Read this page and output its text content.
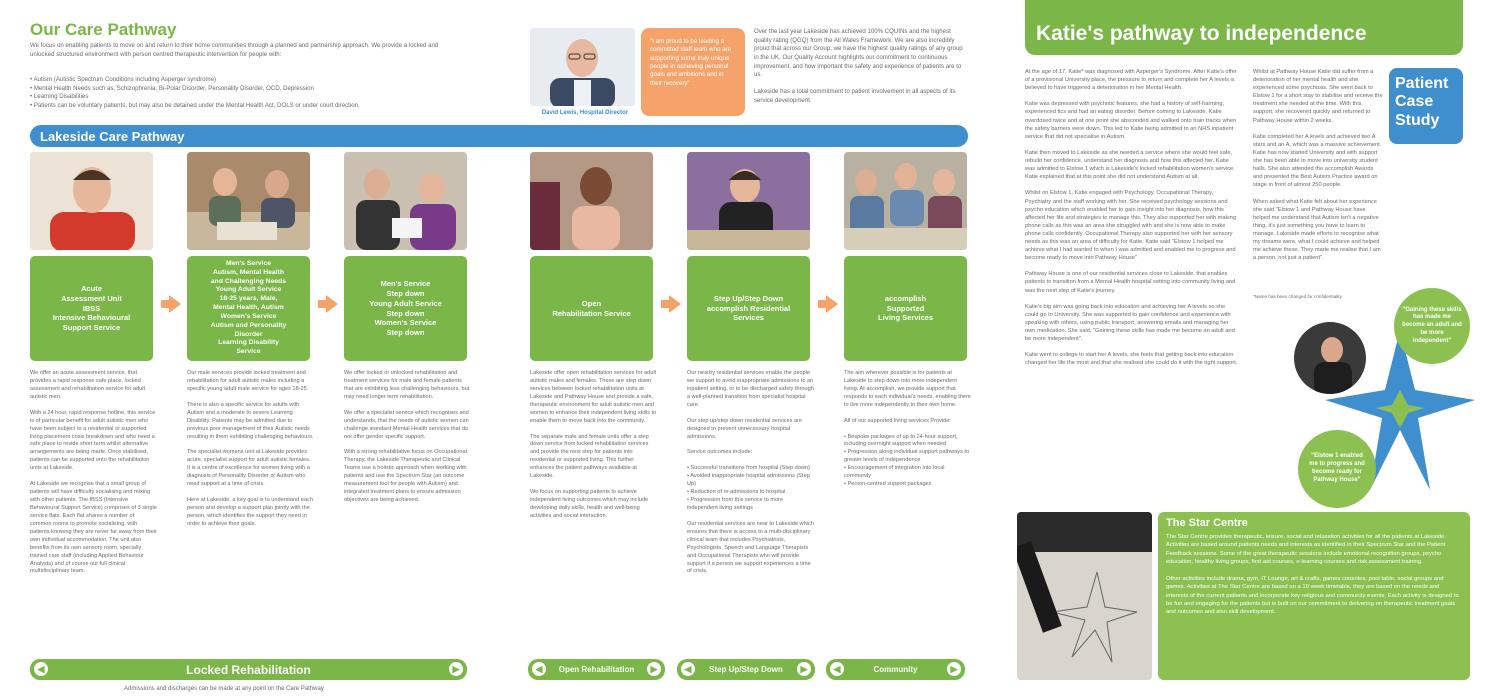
Our Care Pathway
We focus on enabling patients to move on and return to their home communities through a planned and partnership approach. We provide a locked and unlocked structured environment with person centred therapeutic intervention for people with:
• Autism (Autistic Spectrum Conditions including Asperger syndrome)
• Mental Health Needs such as, Schizophrenia, Bi-Polar Disorder, Personality Disorder, OCD, Depression
• Learning Disabilities
• Patients can be voluntary patients, but may also be detained under the Mental Health Act, DOLS or under court direction.
David Lewis, Hospital Director
"I am proud to be leading a committed staff team who are supporting some truly unique people in achieving personal goals and ambitions and in their recovery"
Over the last year Lakeside has achieved 100% CQUINs and the highest quality rating (QGQ) from the All Wales Framework. We are also incredibly proud that across our Group, we have the highest quality ratings of any group in the UK. Our Quality Account highlights our commitment to continuous improvement, and how important the safety and experience of patients are to us.

Lakeside has a total commitment to patient involvement in all aspects of its service development.
Lakeside Care Pathway
Acute
Assessment Unit
IBSS
Intensive Behavioural
Support Service
Men's Service
Autism, Mental Health
and Challenging Needs
Young Adult Service
18-25 years, Male,
Mental Health, Autism
Women's Service
Autism and Personality
Disorder
Learning Disability
Service
Men's Service
Step down
Young Adult Service
Step down
Women's Service
Step down
Open
Rehabilitation Service
Step Up/Step Down
accomplish Residential
Services
accomplish
Supported
Living Services
We offer an acute assessment service, that provides a rapid response safe place, locked assessment and rehabilitation service for adult autistic men.

With a 24 hour, rapid response hotline, this service is of particular benefit for adult autistic men who have been subject to a residential or supported living placement crisis breakdown and who need a safe place to reside short term whilst alternative arrangements are being made. Once stabilised, patients can be supported onto the rehabilitation units at Lakeside.

At Lakeside we recognise that a small group of patients will have difficulty socialising and mixing with other patients. The IBSS (Intensive Behavioural Support Service) comprises of 3 single service flats. Each flat shares a number of common rooms to promote socialising, with patients knowing they are never far away from their own individual accommodation. The unit also benefits from its own sensory room, specially trained care staff (including Applied Behaviour Analysts) and of course our full clinical multidisciplinary team.
Our male services provide locked treatment and rehabilitation for adult autistic males including a specific young adult male service for ages 18-25.

There is also a specific service for adults with Autism and a moderate to severe Learning Disability. Patients may be admitted due to previous poor management of their Autistic needs resulting in them exhibiting challenging behaviours.

The specialist womens unit at Lakeside provides acute, specialist support for adult autistic females. It is a centre of excellence for women living with a diagnosis of Personality Disorder or Autism who need support at a time of crisis.

Here at Lakeside, a key goal is to understand each person and develop a support plan jointly with the person, which identifies the support they need in order to achieve their goals.
We offer locked or unlocked rehabilitation and treatment services for male and female patients that are exhibiting less challenging behaviours, but may need longer term rehabilitation.

We offer a specialist service which recognises and understands, that the needs of autistic women can challenge standard Mental Health services that do not offer gender specific support.

With a strong rehabilitative focus on Occupational Therapy, the Lakeside Therapeutic and Clinical Teams use a holistic approach when working with patients and use the Spectrum Star (an outcome measurement tool for people with Autism) and integrated treatment plans to ensure admission objectives are being achieved.
Lakeside offer open rehabilitation services for adult autistic males and females. These are step down services between locked rehabilitation units at Lakeside and Pathway House and provide a safe, therapeutic environment for adult autistic men and women to enhance their independent living skills to enable them to move back into the community.

The separate male and female units offer a step down service from locked rehabilitation services and provide the next step for patients into residential or supported living. This further enhances the patient pathways available at Lakeside.

We focus on supporting patients to achieve independent living outcomes which may include developing daily skills, health and well-being activities and social interaction.
Our nearby residential services enable the people we support to avoid inappropriate admissions to an inpatient setting, or to be discharged safely through a well-planned transition from specialist hospital care.

Our step up/step down residential services are designed to prevent unnecessary hospital admissions.

Service outcomes include:

• Successful transitions from hospital (Step down)
• Avoided inappropriate hospital admissions (Step Up)
• Reduction of re-admissions to hospital
• Progression from this service to more independent living settings

Our residential services are near to Lakeside which ensures that there is access to a multi-disciplinary clinical team that includes Psychiatrists, Psychologists, Speech and Language Therapists and Occupational Therapists who will provide support if a person we support experiences a time of crisis.
The aim wherever possible is for patients at Lakeside to step down into more independent living. At accomplish, we provide support that
responds to each individual's needs, enabling them to live more independently in their own home.

All of our supported living services Provide:

• Bespoke packages of up to 24-hour support, including overnight support when needed
• Progression along individual support pathways to greater levels of independence
• Encouragement of integration into local community
• Person-centred support packages
◀	Locked Rehabilitation	▶	◀	Open Rehabilitation	▶	◀	Step Up/Step Down	▶	◀	Community	▶
Admissions and discharges can be made at any point on the Care Pathway
Katie's pathway to independence
Patient
Case
Study
At the age of 17, Katie* was diagnosed with Asperger's Syndrome. After Katie's offer of a provisional University place, the pressure to return and complete her A levels is believed to have triggered a deterioration in her Mental Health.

Katie was depressed with psychotic features, she had a history of self-harming, experienced tics and had an eating disorder. Before coming to Lakeside, Katie overdosed twice and at one point she absconded and walked onto train tracks when the safety barriers were down. This led to Katie being admitted to an NHS inpatient service that did not specialise in Autism.

Katie then moved to Lakeside as she needed a service where she would feel safe, rebuild her confidence, understand her diagnosis and how this affected her. Katie was admitted to Elstow 1 which is Lakeside's locked rehabilitation women's service. Katie explained that at this point she did not understand Autism at all.

Whilst on Elstow 1, Katie engaged with Psychology, Occupational Therapy, Psychiatry and the staff working with her. She received psychology sessions and psycho education which enabled her to gain insight into her diagnosis, how this affected her life and strategies to manage this. They also supported her with making phone calls as this was an area she struggled with and she is now able to make phone calls confidently. Occupational Therapy also supported her with her sensory needs as this was an area of difficulty for Katie. Katie said "Elstow 1 helped me achieve what I had wanted to when I was admitted and enabled me to progress and become ready to move into Pathway House"

Pathway House is one of our residential services close to Lakeside, that enables patients to transition from a Mental Health hospital setting into community living and was the next step of Katie's journey.

Katie's big aim was going back into education and achieving her A levels so she could go to University. She was supported to gain confidence and experience with speaking with others, using public transport, answering emails and managing her own medication. She said, "Gaining these skills has made me become an adult and be more independent".

Katie went to college to start her A levels, she feels that getting back into education changed her life the most and that she realised she could do it with the right support.
Whilst at Pathway House Katie did suffer from a deterioration of her mental health and she experienced some psychosis. She went back to Elstow 1 for a short stay to stabilise and receive the treatment she needed at the time. With this support, she recovered quickly and returned to Pathway House within 2 weeks.

Katie completed her A levels and achieved two A stars and an A, which was a massive achievement. Katie has now started University and with support she has been able to move into university student halls. She also attended the accomplish Awards and presented the Best Autism Practice award on stage in front of almost 250 people.

When asked what Katie felt about her experience she said "Elstow 1 and Pathway House have helped me understand that Autism isn't a negative thing, it's just something you have to learn to manage. Lakeside made efforts to recognise what my dreams were, what I could achieve and helped me achieve these. They made me realise that I am a person, not just a patient".
*Name has been changed for confidentiality
"Gaining these skills has made me become an adult and be more independent"
"Elstow 1 enabled me to progress and become ready for Pathway House"
The Star Centre
The Star Centre provides therapeutic, leisure, social and relaxation activities for all the patients at Lakeside. Activities are based around patients needs and interests as identified in their Spectrum Star and the Patient Feedback sessions. Some of the great therapeutic sessions include emotional recognition groups, psycho education, healthy living groups, first aid courses, e-learning courses and risk assessment training.

Other activities include drama, gym, IT Lounge, art & crafts, games consoles, pool table, social groups and games. Activities at The Star Centre are based on a 10 week timetable, they are based on the needs and interests of the current patients and incorporate key religious and community events. Each activity is designed to be fun and engaging for the patients but is built on our commitment to delivering on therapeutic treatment goals and outcomes and also skill development.
